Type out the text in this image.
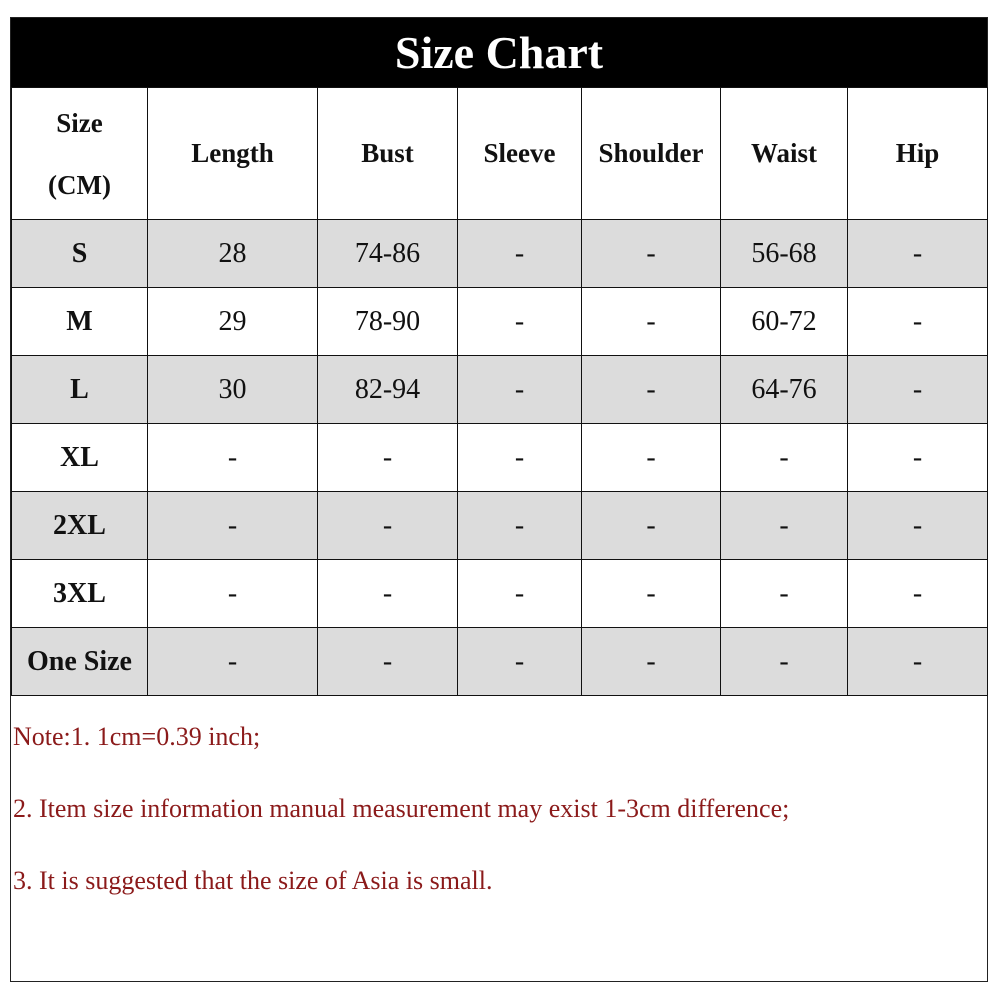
Size Chart
Size
(CM)	Length	Bust	Sleeve	Shoulder	Waist	Hip
S	28	74-86	-	-	56-68	-
M	29	78-90	-	-	60-72	-
L	30	82-94	-	-	64-76	-
XL	-	-	-	-	-	-
2XL	-	-	-	-	-	-
3XL	-	-	-	-	-	-
One Size	-	-	-	-	-	-
Note:1. 1cm=0.39 inch;
2. Item size information manual measurement may exist 1-3cm difference;
3. It is suggested that the size of Asia is small.
